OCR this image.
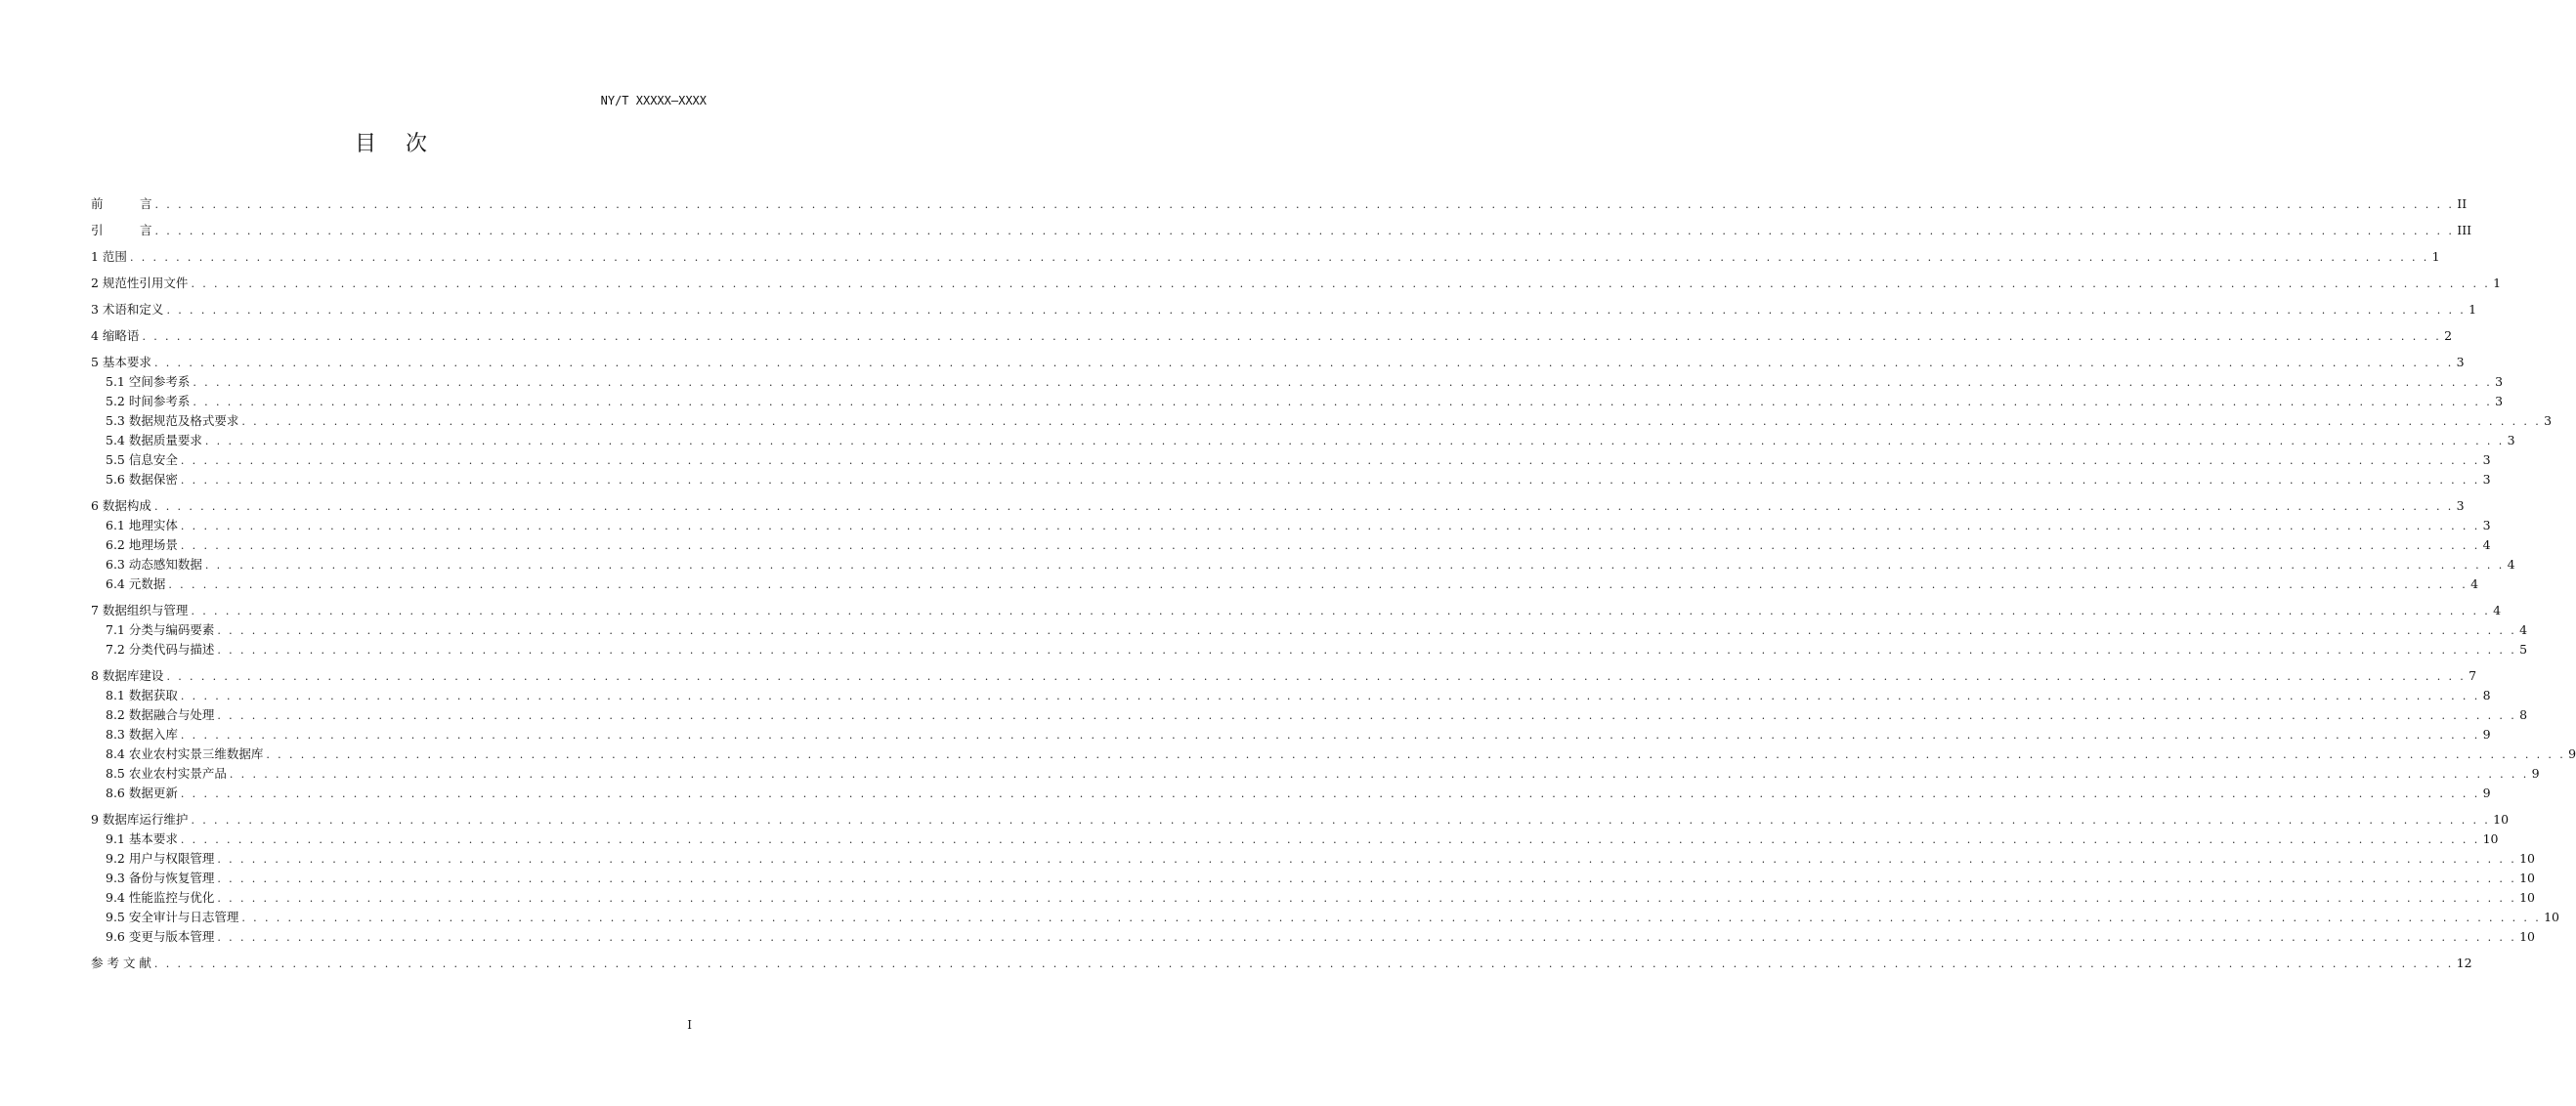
NY/T XXXXX—XXXX
目次
前　　　言 . . . . . . . . . . . . . . . . . . . . . . . . . . . . . . . . . . . . . . . . . . . . . . . . . . . . . . . . . . . . . . . . . . . . . . . . . . . . . . . . . . . . . . . . . . . . . . . . . . . . . . . . . . . . . . . . . . . . . . . . . . . . . . . . . . . . . . . . . . . . . . . . . . . . . . . . . . . . . . . . . . . . . . . . . . . . . . . . . . . . . . . . . . . . . . . . . . . . . . . . II
引　　　言 . . . . . . . . . . . . . . . . . . . . . . . . . . . . . . . . . . . . . . . . . . . . . . . . . . . . . . . . . . . . . . . . . . . . . . . . . . . . . . . . . . . . . . . . . . . . . . . . . . . . . . . . . . . . . . . . . . . . . . . . . . . . . . . . . . . . . . . . . . . . . . . . . . . . . . . . . . . . . . . . . . . . . . . . . . . . . . . . . . . . . . . . . . . . . . . . . . . . . . . . III
1 范围 . . . . . . . . . . . . . . . . . . . . . . . . . . . . . . . . . . . . . . . . . . . . . . . . . . . . . . . . . . . . . . . . . . . . . . . . . . . . . . . . . . . . . . . . . . . . . . . . . . . . . . . . . . . . . . . . . . . . . . . . . . . . . . . . . . . . . . . . . . . . . . . . . . . . . . . . . . . . . . . . . . . . . . . . . . . . . . . . . . . . . . . . . . . . . . . . . . . . . . . . 1
2 规范性引用文件 . . . . . . . . . . . . . . . . . . . . . . . . . . . . . . . . . . . . . . . . . . . . . . . . . . . . . . . . . . . . . . . . . . . . . . . . . . . . . . . . . . . . . . . . . . . . . . . . . . . . . . . . . . . . . . . . . . . . . . . . . . . . . . . . . . . . . . . . . . . . . . . . . . . . . . . . . . . . . . . . . . . . . . . . . . . . . . . . . . . . . . . . . . . . . . . . . . . . . . . . 1
3 术语和定义 . . . . . . . . . . . . . . . . . . . . . . . . . . . . . . . . . . . . . . . . . . . . . . . . . . . . . . . . . . . . . . . . . . . . . . . . . . . . . . . . . . . . . . . . . . . . . . . . . . . . . . . . . . . . . . . . . . . . . . . . . . . . . . . . . . . . . . . . . . . . . . . . . . . . . . . . . . . . . . . . . . . . . . . . . . . . . . . . . . . . . . . . . . . . . . . . . . . . . . . . 1
4 缩略语 . . . . . . . . . . . . . . . . . . . . . . . . . . . . . . . . . . . . . . . . . . . . . . . . . . . . . . . . . . . . . . . . . . . . . . . . . . . . . . . . . . . . . . . . . . . . . . . . . . . . . . . . . . . . . . . . . . . . . . . . . . . . . . . . . . . . . . . . . . . . . . . . . . . . . . . . . . . . . . . . . . . . . . . . . . . . . . . . . . . . . . . . . . . . . . . . . . . . . . . . 2
5 基本要求 . . . . . . . . . . . . . . . . . . . . . . . . . . . . . . . . . . . . . . . . . . . . . . . . . . . . . . . . . . . . . . . . . . . . . . . . . . . . . . . . . . . . . . . . . . . . . . . . . . . . . . . . . . . . . . . . . . . . . . . . . . . . . . . . . . . . . . . . . . . . . . . . . . . . . . . . . . . . . . . . . . . . . . . . . . . . . . . . . . . . . . . . . . . . . . . . . . . . . . . . 3
5.1 空间参考系 . . . . . . . . . . . . . . . . . . . . . . . . . . . . . . . . . . . . . . . . . . . . . . . . . . . . . . . . . . . . . . . . . . . . . . . . . . . . . . . . . . . . . . . . . . . . . . . . . . . . . . . . . . . . . . . . . . . . . . . . . . . . . . . . . . . . . . . . . . . . . . . . . . . . . . . . . . . . . . . . . . . . . . . . . . . . . . . . . . . . . . . . . . . . . . . . . . . . . . . . 3
5.2 时间参考系 . . . . . . . . . . . . . . . . . . . . . . . . . . . . . . . . . . . . . . . . . . . . . . . . . . . . . . . . . . . . . . . . . . . . . . . . . . . . . . . . . . . . . . . . . . . . . . . . . . . . . . . . . . . . . . . . . . . . . . . . . . . . . . . . . . . . . . . . . . . . . . . . . . . . . . . . . . . . . . . . . . . . . . . . . . . . . . . . . . . . . . . . . . . . . . . . . . . . . . . . 3
5.3 数据规范及格式要求 . . . . . . . . . . . . . . . . . . . . . . . . . . . . . . . . . . . . . . . . . . . . . . . . . . . . . . . . . . . . . . . . . . . . . . . . . . . . . . . . . . . . . . . . . . . . . . . . . . . . . . . . . . . . . . . . . . . . . . . . . . . . . . . . . . . . . . . . . . . . . . . . . . . . . . . . . . . . . . . . . . . . . . . . . . . . . . . . . . . . . . . . . . . . . . . . . . . . . . . . 3
5.4 数据质量要求 . . . . . . . . . . . . . . . . . . . . . . . . . . . . . . . . . . . . . . . . . . . . . . . . . . . . . . . . . . . . . . . . . . . . . . . . . . . . . . . . . . . . . . . . . . . . . . . . . . . . . . . . . . . . . . . . . . . . . . . . . . . . . . . . . . . . . . . . . . . . . . . . . . . . . . . . . . . . . . . . . . . . . . . . . . . . . . . . . . . . . . . . . . . . . . . . . . . . . . . . 3
5.5 信息安全 . . . . . . . . . . . . . . . . . . . . . . . . . . . . . . . . . . . . . . . . . . . . . . . . . . . . . . . . . . . . . . . . . . . . . . . . . . . . . . . . . . . . . . . . . . . . . . . . . . . . . . . . . . . . . . . . . . . . . . . . . . . . . . . . . . . . . . . . . . . . . . . . . . . . . . . . . . . . . . . . . . . . . . . . . . . . . . . . . . . . . . . . . . . . . . . . . . . . . . . . 3
5.6 数据保密 . . . . . . . . . . . . . . . . . . . . . . . . . . . . . . . . . . . . . . . . . . . . . . . . . . . . . . . . . . . . . . . . . . . . . . . . . . . . . . . . . . . . . . . . . . . . . . . . . . . . . . . . . . . . . . . . . . . . . . . . . . . . . . . . . . . . . . . . . . . . . . . . . . . . . . . . . . . . . . . . . . . . . . . . . . . . . . . . . . . . . . . . . . . . . . . . . . . . . . . . 3
6 数据构成 . . . . . . . . . . . . . . . . . . . . . . . . . . . . . . . . . . . . . . . . . . . . . . . . . . . . . . . . . . . . . . . . . . . . . . . . . . . . . . . . . . . . . . . . . . . . . . . . . . . . . . . . . . . . . . . . . . . . . . . . . . . . . . . . . . . . . . . . . . . . . . . . . . . . . . . . . . . . . . . . . . . . . . . . . . . . . . . . . . . . . . . . . . . . . . . . . . . . . . . . 3
6.1 地理实体 . . . . . . . . . . . . . . . . . . . . . . . . . . . . . . . . . . . . . . . . . . . . . . . . . . . . . . . . . . . . . . . . . . . . . . . . . . . . . . . . . . . . . . . . . . . . . . . . . . . . . . . . . . . . . . . . . . . . . . . . . . . . . . . . . . . . . . . . . . . . . . . . . . . . . . . . . . . . . . . . . . . . . . . . . . . . . . . . . . . . . . . . . . . . . . . . . . . . . . . . 3
6.2 地理场景 . . . . . . . . . . . . . . . . . . . . . . . . . . . . . . . . . . . . . . . . . . . . . . . . . . . . . . . . . . . . . . . . . . . . . . . . . . . . . . . . . . . . . . . . . . . . . . . . . . . . . . . . . . . . . . . . . . . . . . . . . . . . . . . . . . . . . . . . . . . . . . . . . . . . . . . . . . . . . . . . . . . . . . . . . . . . . . . . . . . . . . . . . . . . . . . . . . . . . . . . 4
6.3 动态感知数据 . . . . . . . . . . . . . . . . . . . . . . . . . . . . . . . . . . . . . . . . . . . . . . . . . . . . . . . . . . . . . . . . . . . . . . . . . . . . . . . . . . . . . . . . . . . . . . . . . . . . . . . . . . . . . . . . . . . . . . . . . . . . . . . . . . . . . . . . . . . . . . . . . . . . . . . . . . . . . . . . . . . . . . . . . . . . . . . . . . . . . . . . . . . . . . . . . . . . . . . . 4
6.4 元数据 . . . . . . . . . . . . . . . . . . . . . . . . . . . . . . . . . . . . . . . . . . . . . . . . . . . . . . . . . . . . . . . . . . . . . . . . . . . . . . . . . . . . . . . . . . . . . . . . . . . . . . . . . . . . . . . . . . . . . . . . . . . . . . . . . . . . . . . . . . . . . . . . . . . . . . . . . . . . . . . . . . . . . . . . . . . . . . . . . . . . . . . . . . . . . . . . . . . . . . . . 4
7 数据组织与管理 . . . . . . . . . . . . . . . . . . . . . . . . . . . . . . . . . . . . . . . . . . . . . . . . . . . . . . . . . . . . . . . . . . . . . . . . . . . . . . . . . . . . . . . . . . . . . . . . . . . . . . . . . . . . . . . . . . . . . . . . . . . . . . . . . . . . . . . . . . . . . . . . . . . . . . . . . . . . . . . . . . . . . . . . . . . . . . . . . . . . . . . . . . . . . . . . . . . . . . . . 4
7.1 分类与编码要素 . . . . . . . . . . . . . . . . . . . . . . . . . . . . . . . . . . . . . . . . . . . . . . . . . . . . . . . . . . . . . . . . . . . . . . . . . . . . . . . . . . . . . . . . . . . . . . . . . . . . . . . . . . . . . . . . . . . . . . . . . . . . . . . . . . . . . . . . . . . . . . . . . . . . . . . . . . . . . . . . . . . . . . . . . . . . . . . . . . . . . . . . . . . . . . . . . . . . . . . . 4
7.2 分类代码与描述 . . . . . . . . . . . . . . . . . . . . . . . . . . . . . . . . . . . . . . . . . . . . . . . . . . . . . . . . . . . . . . . . . . . . . . . . . . . . . . . . . . . . . . . . . . . . . . . . . . . . . . . . . . . . . . . . . . . . . . . . . . . . . . . . . . . . . . . . . . . . . . . . . . . . . . . . . . . . . . . . . . . . . . . . . . . . . . . . . . . . . . . . . . . . . . . . . . . . . . . . 5
8 数据库建设 . . . . . . . . . . . . . . . . . . . . . . . . . . . . . . . . . . . . . . . . . . . . . . . . . . . . . . . . . . . . . . . . . . . . . . . . . . . . . . . . . . . . . . . . . . . . . . . . . . . . . . . . . . . . . . . . . . . . . . . . . . . . . . . . . . . . . . . . . . . . . . . . . . . . . . . . . . . . . . . . . . . . . . . . . . . . . . . . . . . . . . . . . . . . . . . . . . . . . . . . 7
8.1 数据获取 . . . . . . . . . . . . . . . . . . . . . . . . . . . . . . . . . . . . . . . . . . . . . . . . . . . . . . . . . . . . . . . . . . . . . . . . . . . . . . . . . . . . . . . . . . . . . . . . . . . . . . . . . . . . . . . . . . . . . . . . . . . . . . . . . . . . . . . . . . . . . . . . . . . . . . . . . . . . . . . . . . . . . . . . . . . . . . . . . . . . . . . . . . . . . . . . . . . . . . . . 8
8.2 数据融合与处理 . . . . . . . . . . . . . . . . . . . . . . . . . . . . . . . . . . . . . . . . . . . . . . . . . . . . . . . . . . . . . . . . . . . . . . . . . . . . . . . . . . . . . . . . . . . . . . . . . . . . . . . . . . . . . . . . . . . . . . . . . . . . . . . . . . . . . . . . . . . . . . . . . . . . . . . . . . . . . . . . . . . . . . . . . . . . . . . . . . . . . . . . . . . . . . . . . . . . . . . . 8
8.3 数据入库 . . . . . . . . . . . . . . . . . . . . . . . . . . . . . . . . . . . . . . . . . . . . . . . . . . . . . . . . . . . . . . . . . . . . . . . . . . . . . . . . . . . . . . . . . . . . . . . . . . . . . . . . . . . . . . . . . . . . . . . . . . . . . . . . . . . . . . . . . . . . . . . . . . . . . . . . . . . . . . . . . . . . . . . . . . . . . . . . . . . . . . . . . . . . . . . . . . . . . . . . 9
8.4 农业农村实景三维数据库 . . . . . . . . . . . . . . . . . . . . . . . . . . . . . . . . . . . . . . . . . . . . . . . . . . . . . . . . . . . . . . . . . . . . . . . . . . . . . . . . . . . . . . . . . . . . . . . . . . . . . . . . . . . . . . . . . . . . . . . . . . . . . . . . . . . . . . . . . . . . . . . . . . . . . . . . . . . . . . . . . . . . . . . . . . . . . . . . . . . . . . . . . . . . . . . . . . . . . . . . 9
8.5 农业农村实景产品 . . . . . . . . . . . . . . . . . . . . . . . . . . . . . . . . . . . . . . . . . . . . . . . . . . . . . . . . . . . . . . . . . . . . . . . . . . . . . . . . . . . . . . . . . . . . . . . . . . . . . . . . . . . . . . . . . . . . . . . . . . . . . . . . . . . . . . . . . . . . . . . . . . . . . . . . . . . . . . . . . . . . . . . . . . . . . . . . . . . . . . . . . . . . . . . . . . . . . . . . 9
8.6 数据更新 . . . . . . . . . . . . . . . . . . . . . . . . . . . . . . . . . . . . . . . . . . . . . . . . . . . . . . . . . . . . . . . . . . . . . . . . . . . . . . . . . . . . . . . . . . . . . . . . . . . . . . . . . . . . . . . . . . . . . . . . . . . . . . . . . . . . . . . . . . . . . . . . . . . . . . . . . . . . . . . . . . . . . . . . . . . . . . . . . . . . . . . . . . . . . . . . . . . . . . . . 9
9 数据库运行维护 . . . . . . . . . . . . . . . . . . . . . . . . . . . . . . . . . . . . . . . . . . . . . . . . . . . . . . . . . . . . . . . . . . . . . . . . . . . . . . . . . . . . . . . . . . . . . . . . . . . . . . . . . . . . . . . . . . . . . . . . . . . . . . . . . . . . . . . . . . . . . . . . . . . . . . . . . . . . . . . . . . . . . . . . . . . . . . . . . . . . . . . . . . . . . . . . . . . . . . . . 10
9.1 基本要求 . . . . . . . . . . . . . . . . . . . . . . . . . . . . . . . . . . . . . . . . . . . . . . . . . . . . . . . . . . . . . . . . . . . . . . . . . . . . . . . . . . . . . . . . . . . . . . . . . . . . . . . . . . . . . . . . . . . . . . . . . . . . . . . . . . . . . . . . . . . . . . . . . . . . . . . . . . . . . . . . . . . . . . . . . . . . . . . . . . . . . . . . . . . . . . . . . . . . . . . . 10
9.2 用户与权限管理 . . . . . . . . . . . . . . . . . . . . . . . . . . . . . . . . . . . . . . . . . . . . . . . . . . . . . . . . . . . . . . . . . . . . . . . . . . . . . . . . . . . . . . . . . . . . . . . . . . . . . . . . . . . . . . . . . . . . . . . . . . . . . . . . . . . . . . . . . . . . . . . . . . . . . . . . . . . . . . . . . . . . . . . . . . . . . . . . . . . . . . . . . . . . . . . . . . . . . . . . 10
9.3 备份与恢复管理 . . . . . . . . . . . . . . . . . . . . . . . . . . . . . . . . . . . . . . . . . . . . . . . . . . . . . . . . . . . . . . . . . . . . . . . . . . . . . . . . . . . . . . . . . . . . . . . . . . . . . . . . . . . . . . . . . . . . . . . . . . . . . . . . . . . . . . . . . . . . . . . . . . . . . . . . . . . . . . . . . . . . . . . . . . . . . . . . . . . . . . . . . . . . . . . . . . . . . . . . 10
9.4 性能监控与优化 . . . . . . . . . . . . . . . . . . . . . . . . . . . . . . . . . . . . . . . . . . . . . . . . . . . . . . . . . . . . . . . . . . . . . . . . . . . . . . . . . . . . . . . . . . . . . . . . . . . . . . . . . . . . . . . . . . . . . . . . . . . . . . . . . . . . . . . . . . . . . . . . . . . . . . . . . . . . . . . . . . . . . . . . . . . . . . . . . . . . . . . . . . . . . . . . . . . . . . . . 10
9.5 安全审计与日志管理 . . . . . . . . . . . . . . . . . . . . . . . . . . . . . . . . . . . . . . . . . . . . . . . . . . . . . . . . . . . . . . . . . . . . . . . . . . . . . . . . . . . . . . . . . . . . . . . . . . . . . . . . . . . . . . . . . . . . . . . . . . . . . . . . . . . . . . . . . . . . . . . . . . . . . . . . . . . . . . . . . . . . . . . . . . . . . . . . . . . . . . . . . . . . . . . . . . . . . . . . 10
9.6 变更与版本管理 . . . . . . . . . . . . . . . . . . . . . . . . . . . . . . . . . . . . . . . . . . . . . . . . . . . . . . . . . . . . . . . . . . . . . . . . . . . . . . . . . . . . . . . . . . . . . . . . . . . . . . . . . . . . . . . . . . . . . . . . . . . . . . . . . . . . . . . . . . . . . . . . . . . . . . . . . . . . . . . . . . . . . . . . . . . . . . . . . . . . . . . . . . . . . . . . . . . . . . . . 10
参 考 文 献 . . . . . . . . . . . . . . . . . . . . . . . . . . . . . . . . . . . . . . . . . . . . . . . . . . . . . . . . . . . . . . . . . . . . . . . . . . . . . . . . . . . . . . . . . . . . . . . . . . . . . . . . . . . . . . . . . . . . . . . . . . . . . . . . . . . . . . . . . . . . . . . . . . . . . . . . . . . . . . . . . . . . . . . . . . . . . . . . . . . . . . . . . . . . . . . . . . . . . . . . 12
I
